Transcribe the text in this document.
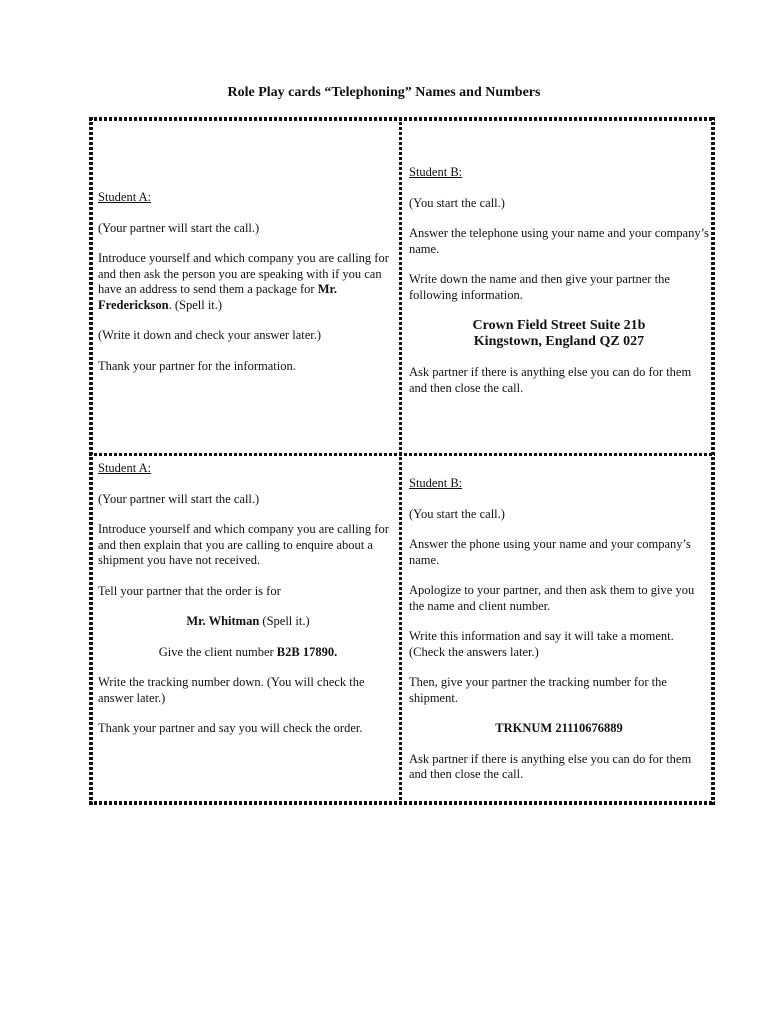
Role Play cards “Telephoning” Names and Numbers

Student A:

(Your partner will start the call.)

Introduce yourself and which company you are calling for and then ask the person you are speaking with if you can have an address to send them a package for Mr. Frederickson. (Spell it.)

(Write it down and check your answer later.)

Thank your partner for the information.

Student B:

(You start the call.)

Answer the telephone using your name and your company’s name.

Write down the name and then give your partner the following information.

Crown Field Street Suite 21b
Kingstown, England QZ 027

Ask partner if there is anything else you can do for them and then close the call.

Student A:

(Your partner will start the call.)

Introduce yourself and which company you are calling for and then explain that you are calling to enquire about a shipment you have not received.

Tell your partner that the order is for

Mr. Whitman (Spell it.)

Give the client number B2B 17890.

Write the tracking number down. (You will check the answer later.)

Thank your partner and say you will check the order.

Student B:

(You start the call.)

Answer the phone using your name and your company’s name.

Apologize to your partner, and then ask them to give you the name and client number.

Write this information and say it will take a moment. (Check the answers later.)

Then, give your partner the tracking number for the shipment.

TRKNUM 21110676889

Ask partner if there is anything else you can do for them and then close the call.
